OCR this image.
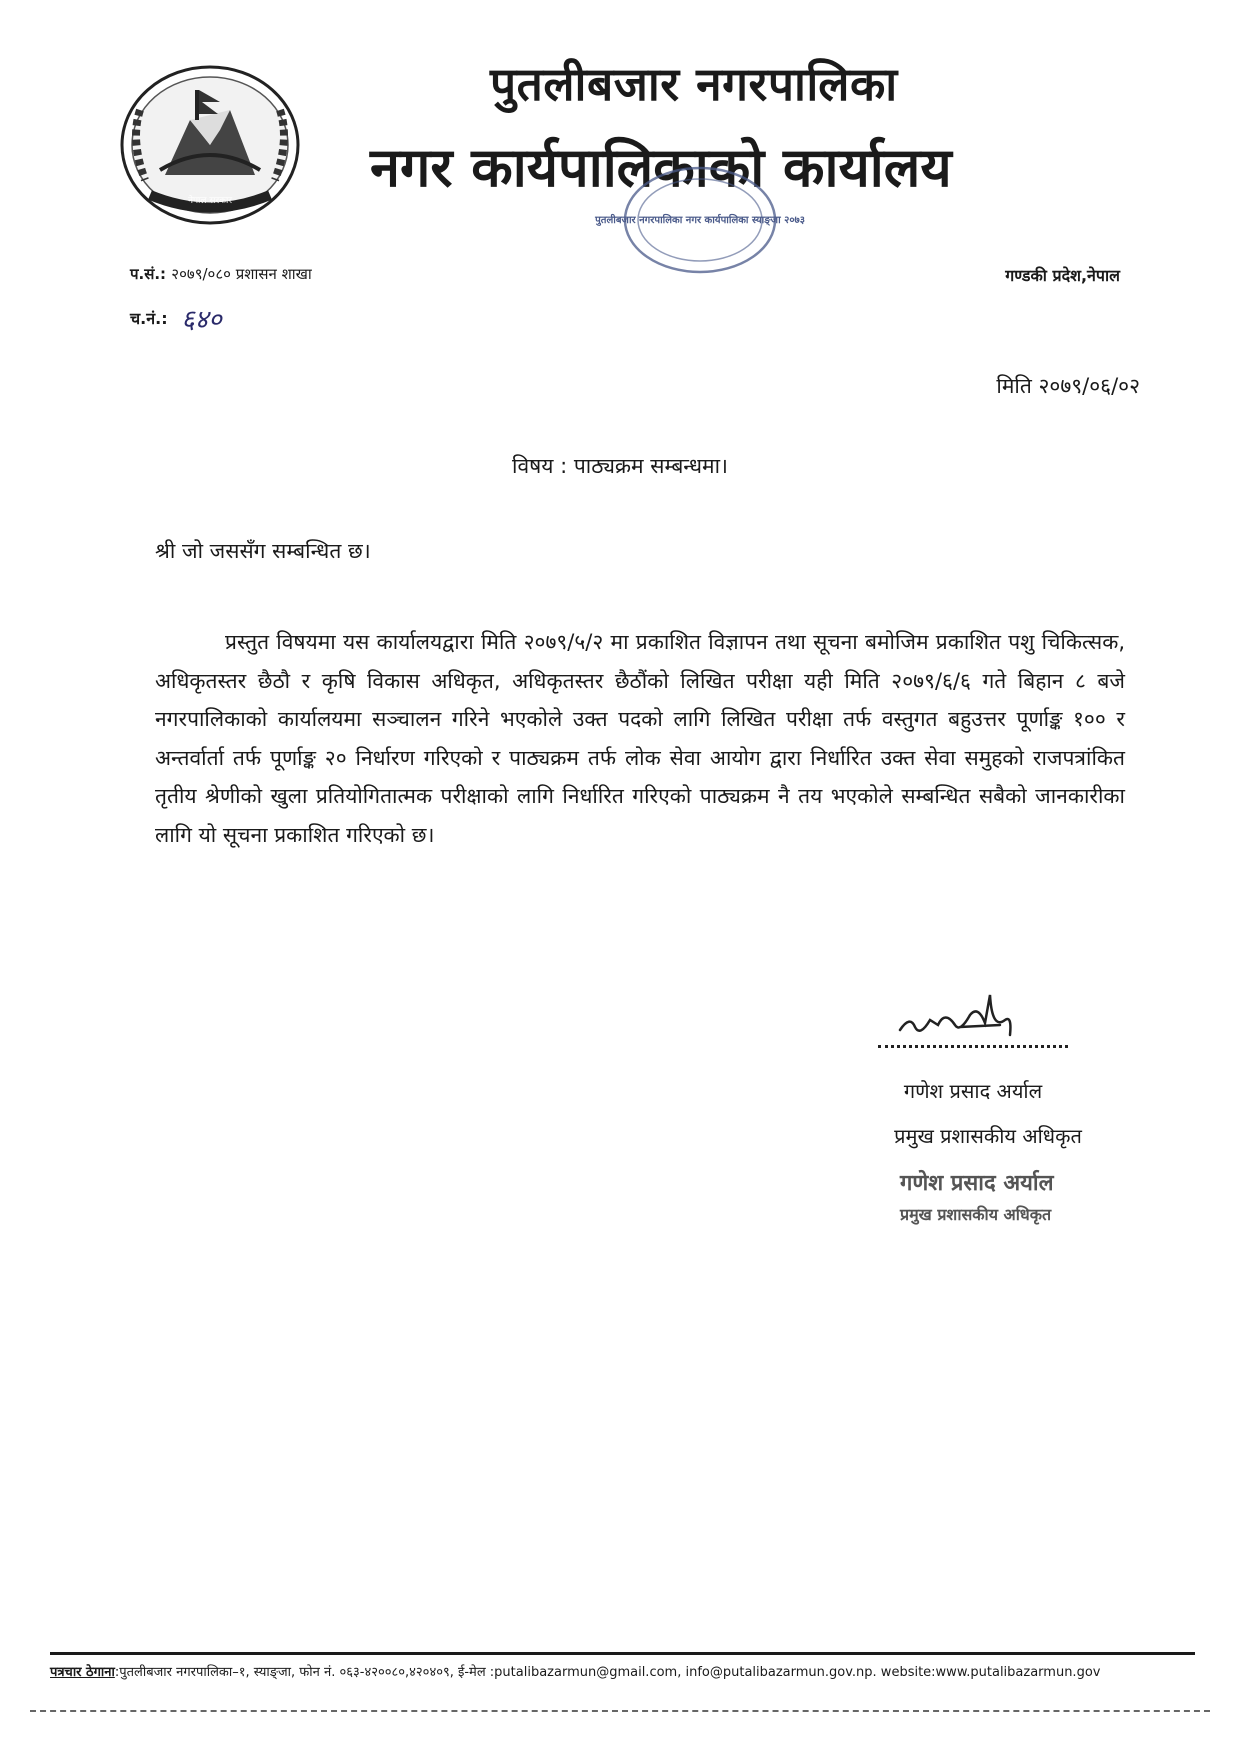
नेपाल सरकार
पुतलीबजार नगरपालिका
नगर कार्यपालिकाको कार्यालय
पुतलीबजार नगरपालिका नगर कार्यपालिका स्याङ्जा २०७३
प.सं.: २०७९/०८० प्रशासन शाखा
च.नं.: ६४०
गण्डकी प्रदेश,नेपाल
मिति २०७९/०६/०२
विषय : पाठ्यक्रम सम्बन्धमा।
श्री जो जससँग सम्बन्धित छ।
प्रस्तुत विषयमा यस कार्यालयद्वारा मिति २०७९/५/२ मा प्रकाशित विज्ञापन तथा सूचना बमोजिम प्रकाशित पशु चिकित्सक, अधिकृतस्तर छैठौ र कृषि विकास अधिकृत, अधिकृतस्तर छैठौंको लिखित परीक्षा यही मिति २०७९/६/६ गते बिहान ८ बजे नगरपालिकाको कार्यालयमा सञ्चालन गरिने भएकोले उक्त पदको लागि लिखित परीक्षा तर्फ वस्तुगत बहुउत्तर पूर्णाङ्क १०० र अन्तर्वार्ता तर्फ पूर्णाङ्क २० निर्धारण गरिएको र पाठ्यक्रम तर्फ लोक सेवा आयोग द्वारा निर्धारित उक्त सेवा समुहको राजपत्रांकित तृतीय श्रेणीको खुला प्रतियोगितात्मक परीक्षाको लागि निर्धारित गरिएको पाठ्यक्रम नै तय भएकोले सम्बन्धित सबैको जानकारीका लागि यो सूचना प्रकाशित गरिएको छ।
गणेश प्रसाद अर्याल
प्रमुख प्रशासकीय अधिकृत
गणेश प्रसाद अर्याल
प्रमुख प्रशासकीय अधिकृत
पत्रचार ठेगाना:पुतलीबजार नगरपालिका–१, स्याङ्जा, फोन नं. ०६३-४२००८०,४२०४०९, ई-मेल :putalibazarmun@gmail.com, info@putalibazarmun.gov.np. website:www.putalibazarmun.gov
